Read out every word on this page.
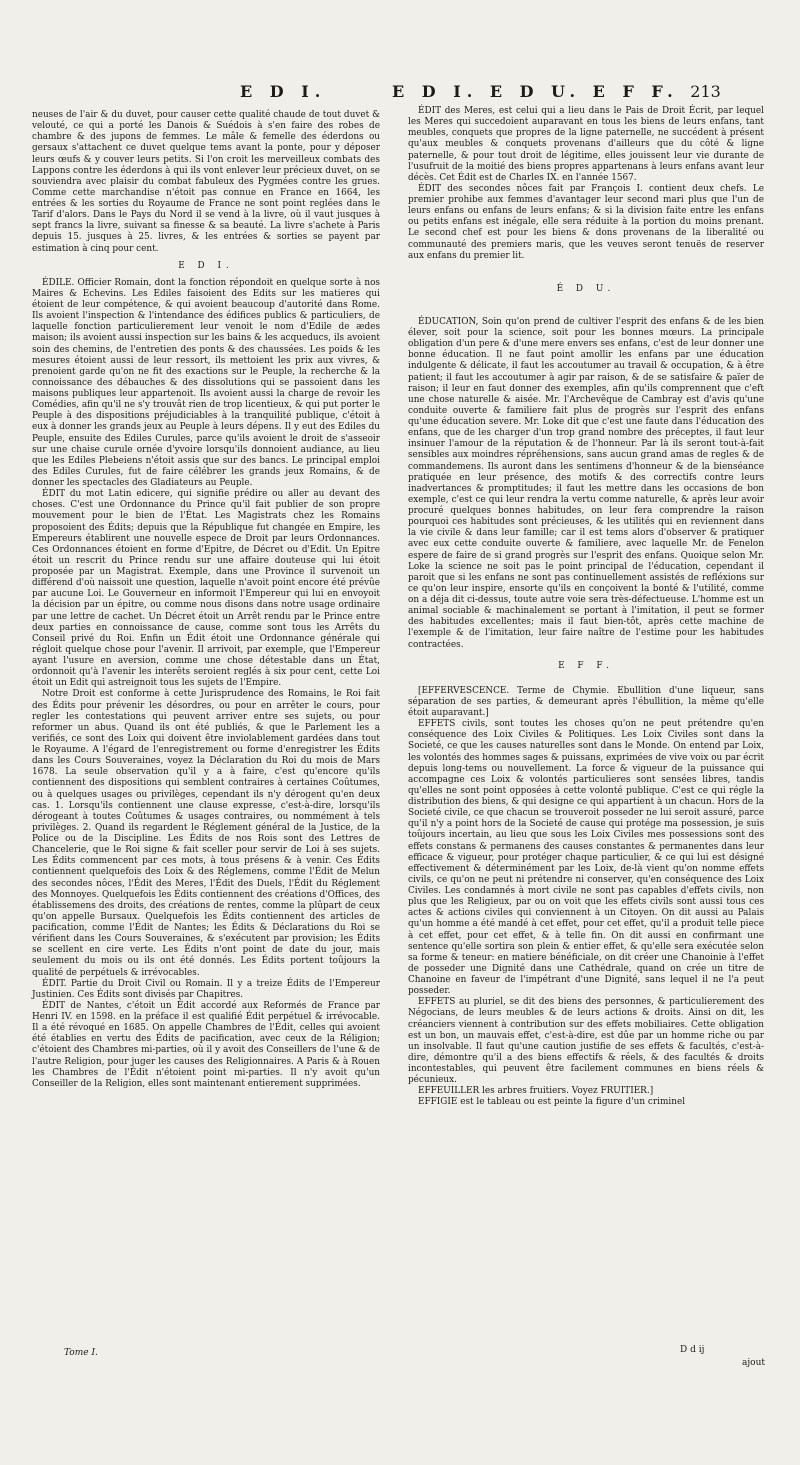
E D I.	E D I. E D U. E F F. 213

neuses de l'air & du duvet, pour causer cette qualité chaude de tout duvet & velouté, ce qui a porté les Danois & Suédois à s'en faire des robes de chambre & des jupons de femmes. Le mâle & femelle des éderdons ou gersaux s'attachent ce duvet quelque tems avant la ponte, pour y déposer leurs œufs & y couver leurs petits. Si l'on croit les merveilleux combats des Lappons contre les éderdons à qui ils vont enlever leur précieux duvet, on se souviendra avec plaisir du combat fabuleux des Pygmées contre les grues. Comme cette marchandise n'étoit pas connue en France en 1664, les entrées & les sorties du Royaume de France ne sont point reglées dans le Tarif d'alors. Dans le Pays du Nord il se vend à la livre, où il vaut jusques à sept francs la livre, suivant sa finesse & sa beauté. La livre s'achete à Paris depuis 15. jusques à 25. livres, & les entrées & sorties se payent par estimation à cinq pour cent.

E D I.

ÉDILE. Officier Romain, dont la fonction répondoit en quelque sorte à nos Maires & Echevins. Les Ediles faisoient des Edits sur les matieres qui étoient de leur compétence, & qui avoient beaucoup d'autorité dans Rome. Ils avoient l'inspection & l'intendance des édifices publics & particuliers, de laquelle fonction particulierement leur venoit le nom d'Edile de ædes maison; ils avoient aussi inspection sur les bains & les acqueducs, ils avoient soin des chemins, de l'entretien des ponts & des chaussées. Les poids & les mesures étoient aussi de leur ressort, ils mettoient les prix aux vivres, & prenoient garde qu'on ne fit des exactions sur le Peuple, la recherche & la connoissance des débauches & des dissolutions qui se passoient dans les maisons publiques leur appartenoit. Ils avoient aussi la charge de revoir les Comédies, afin qu'il ne s'y trouvât rien de trop licentieux, & qui put porter le Peuple à des dispositions préjudiciables à la tranquilité publique, c'étoit à eux à donner les grands jeux au Peuple à leurs dépens. Il y eut des Ediles du Peuple, ensuite des Ediles Curules, parce qu'ils avoient le droit de s'asseoir sur une chaise curule ornée d'yvoire lorsqu'ils donnoient audiance, au lieu que les Ediles Plebeiens n'étoit assis que sur des bancs. Le principal emploi des Ediles Curules, fut de faire célébrer les grands jeux Romains, & de donner les spectacles des Gladiateurs au Peuple.

ÉDIT du mot Latin edicere, qui signifie prédire ou aller au devant des choses. C'est une Ordonnance du Prince qu'il fait publier de son propre mouvement pour le bien de l'État. Les Magistrats chez les Romains proposoient des Édits; depuis que la République fut changée en Empire, les Empereurs établirent une nouvelle espece de Droit par leurs Ordonnances. Ces Ordonnances étoient en forme d'Epitre, de Décret ou d'Edit. Un Epitre étoit un rescrit du Prince rendu sur une affaire douteuse qui lui étoit proposée par un Magistrat. Exemple, dans une Province il survenoit un différend d'où naissoit une question, laquelle n'avoit point encore été prévûe par aucune Loi. Le Gouverneur en informoit l'Empereur qui lui en envoyoit la décision par un épitre, ou comme nous disons dans notre usage ordinaire par une lettre de cachet. Un Décret étoit un Arrêt rendu par le Prince entre deux parties en connoissance de cause, comme sont tous les Arrêts du Conseil privé du Roi. Enfin un Édit étoit une Ordonnance générale qui régloit quelque chose pour l'avenir. Il arrivoit, par exemple, que l'Empereur ayant l'usure en aversion, comme une chose détestable dans un État, ordonnoit qu'à l'avenir les interêts seroient reglés à six pour cent, cette Loi étoit un Edit qui astreignoit tous les sujets de l'Empire.

Notre Droit est conforme à cette Jurisprudence des Romains, le Roi fait des Édits pour prévenir les désordres, ou pour en arrêter le cours, pour regler les contestations qui peuvent arriver entre ses sujets, ou pour reformer un abus. Quand ils ont été publiés, & que le Parlement les a verifiés, ce sont des Loix qui doivent être inviolablement gardées dans tout le Royaume. A l'égard de l'enregistrement ou forme d'enregistrer les Édits dans les Cours Souveraines, voyez la Déclaration du Roi du mois de Mars 1678. La seule observation qu'il y a à faire, c'est qu'encore qu'ils contiennent des dispositions qui semblent contraires à certaines Coûtumes, ou à quelques usages ou privilèges, cependant ils n'y dérogent qu'en deux cas. 1. Lorsqu'ils contiennent une clause expresse, c'est-à-dire, lorsqu'ils dérogeant à toutes Coûtumes & usages contraires, ou nommément à tels privilèges. 2. Quand ils regardent le Réglement général de la Justice, de la Police ou de la Discipline. Les Édits de nos Rois sont des Lettres de Chancelerie, que le Roi signe & fait sceller pour servir de Loi à ses sujets. Les Édits commencent par ces mots, à tous présens & à venir. Ces Édits contiennent quelquefois des Loix & des Réglemens, comme l'Édit de Melun des secondes nôces, l'Édit des Meres, l'Édit des Duels, l'Édit du Réglement des Monnoyes. Quelquefois les Édits contiennent des créations d'Offices, des établissemens des droits, des créations de rentes, comme la plûpart de ceux qu'on appelle Bursaux. Quelquefois les Édits contiennent des articles de pacification, comme l'Édit de Nantes; les Édits & Déclarations du Roi se vérifient dans les Cours Souveraines, & s'exécutent par provision; les Édits se scellent en cire verte. Les Édits n'ont point de date du jour, mais seulement du mois ou ils ont été donnés. Les Édits portent toûjours la qualité de perpétuels & irrévocables.

ÉDIT. Partie du Droit Civil ou Romain. Il y a treize Édits de l'Empereur Justinien. Ces Édits sont divisés par Chapitres.

ÉDIT de Nantes, c'étoit un Édit accordé aux Reformés de France par Henri IV. en 1598. en la préface il est qualifié Édit perpétuel & irrévocable. Il a été révoqué en 1685. On appelle Chambres de l'Édit, celles qui avoient été établies en vertu des Édits de pacification, avec ceux de la Réligion; c'étoient des Chambres mi-parties, où il y avoit des Conseillers de l'une & de l'autre Religion, pour juger les causes des Religionnaires. A Paris & à Rouen les Chambres de l'Édit n'étoient point mi-parties. Il n'y avoit qu'un Conseiller de la Religion, elles sont maintenant entierement supprimées.

ÉDIT des Meres, est celui qui a lieu dans le Pais de Droit Écrit, par lequel les Meres qui succedoient auparavant en tous les biens de leurs enfans, tant meubles, conquets que propres de la ligne paternelle, ne succédent à présent qu'aux meubles & conquets provenans d'ailleurs que du côté & ligne paternelle, & pour tout droit de légitime, elles jouissent leur vie durante de l'usufruit de la moitié des biens propres appartenans à leurs enfans avant leur décès. Cet Édit est de Charles IX. en l'année 1567.

ÉDIT des secondes nôces fait par François I. contient deux chefs. Le premier prohibe aux femmes d'avantager leur second mari plus que l'un de leurs enfans ou enfans de leurs enfans; & si la division faite entre les enfans ou petits enfans est inégale, elle sera réduite à la portion du moins prenant. Le second chef est pour les biens & dons provenans de la liberalité ou communauté des premiers maris, que les veuves seront tenuës de reserver aux enfans du premier lit.

É D U.

ÉDUCATION, Soin qu'on prend de cultiver l'esprit des enfans & de les bien élever, soit pour la science, soit pour les bonnes mœurs. La principale obligation d'un pere & d'une mere envers ses enfans, c'est de leur donner une bonne éducation. Il ne faut point amollir les enfans par une éducation indulgente & délicate, il faut les accoutumer au travail & occupation, & à être patient; il faut les accoutumer à agir par raison, & de se satisfaire & païer de raison; il leur en faut donner des exemples, afin qu'ils comprennent que c'eft une chose naturelle & aisée. Mr. l'Archevêque de Cambray est d'avis qu'une conduite ouverte & familiere fait plus de progrès sur l'esprit des enfans qu'une éducation severe. Mr. Loke dit que c'est une faute dans l'éducation des enfans, que de les charger d'un trop grand nombre des préceptes, il faut leur insinuer l'amour de la réputation & de l'honneur. Par là ils seront tout-à-fait sensibles aux moindres répréhensions, sans aucun grand amas de regles & de commandemens. Ils auront dans les sentimens d'honneur & de la bienséance pratiquée en leur présence, des motifs & des correctifs contre leurs inadvertances & promptitudes; il faut les mettre dans les occasions de bon exemple, c'est ce qui leur rendra la vertu comme naturelle, & après leur avoir procuré quelques bonnes habitudes, on leur fera comprendre la raison pourquoi ces habitudes sont précieuses, & les utilités qui en reviennent dans la vie civile & dans leur famille; car il est tems alors d'observer & pratiquer avec eux cette conduite ouverte & familiere, avec laquelle Mr. de Fenelon espere de faire de si grand progrès sur l'esprit des enfans. Quoique selon Mr. Loke la science ne soit pas le point principal de l'éducation, cependant il paroit que si les enfans ne sont pas continuellement assistés de refléxions sur ce qu'on leur inspire, ensorte qu'ils en conçoivent la bonté & l'utilité, comme on a déja dit ci-dessus, toute autre voie sera très-défectueuse. L'homme est un animal sociable & machinalement se portant à l'imitation, il peut se former des habitudes excellentes; mais il faut bien-tôt, après cette machine de l'exemple & de l'imitation, leur faire naître de l'estime pour les habitudes contractées.

E F F.

[EFFERVESCENCE. Terme de Chymie. Ebullition d'une liqueur, sans séparation de ses parties, & demeurant après l'ébullition, la même qu'elle étoit auparavant.]

EFFETS civils, sont toutes les choses qu'on ne peut prétendre qu'en conséquence des Loix Civiles & Politiques. Les Loix Civiles sont dans la Societé, ce que les causes naturelles sont dans le Monde. On entend par Loix, les volontés des hommes sages & puissans, exprimées de vive voix ou par écrit depuis long-tems ou nouvellement. La force & vigueur de la puissance qui accompagne ces Loix & volontés particulieres sont sensées libres, tandis qu'elles ne sont point opposées à cette volonté publique. C'est ce qui régle la distribution des biens, & qui designe ce qui appartient à un chacun. Hors de la Societé civile, ce que chacun se trouveroit posseder ne lui seroit assuré, parce qu'il n'y a point hors de la Societé de cause qui protége ma possession, je suis toûjours incertain, au lieu que sous les Loix Civiles mes possessions sont des effets constans & permanens des causes constantes & permanentes dans leur efficace & vigueur, pour protéger chaque particulier, & ce qui lui est désigné effectivement & déterminément par les Loix, de-là vient qu'on nomme effets civils, ce qu'on ne peut ni prétendre ni conserver, qu'en conséquence des Loix Civiles. Les condamnés à mort civile ne sont pas capables d'effets civils, non plus que les Religieux, par ou on voit que les effets civils sont aussi tous ces actes & actions civiles qui conviennent à un Citoyen. On dit aussi au Palais qu'un homme a été mandé à cet effet, pour cet effet, qu'il a produit telle piece à cet effet, pour cet effet, & à telle fin. On dit aussi en confirmant une sentence qu'elle sortira son plein & entier effet, & qu'elle sera exécutée selon sa forme & teneur: en matiere bénéficiale, on dit créer une Chanoinie à l'effet de posseder une Dignité dans une Cathédrale, quand on crée un titre de Chanoine en faveur de l'impétrant d'une Dignité, sans lequel il ne l'a peut posseder.

EFFETS au pluriel, se dit des biens des personnes, & particulierement des Négocians, de leurs meubles & de leurs actions & droits. Ainsi on dit, les créanciers viennent à contribution sur des effets mobiliaires. Cette obligation est un bon, un mauvais effet, c'est-à-dire, est dûe par un homme riche ou par un insolvable. Il faut qu'une caution justifie de ses effets & facultés, c'est-à-dire, démontre qu'il a des biens effectifs & réels, & des facultés & droits incontestables, qui peuvent être facilement communes en biens réels & pécunieux.

EFFEUILLER les arbres fruitiers. Voyez FRUITIER.]

EFFIGIE est le tableau ou est peinte la figure d'un criminel

Tome I.	D d ij
ajout
